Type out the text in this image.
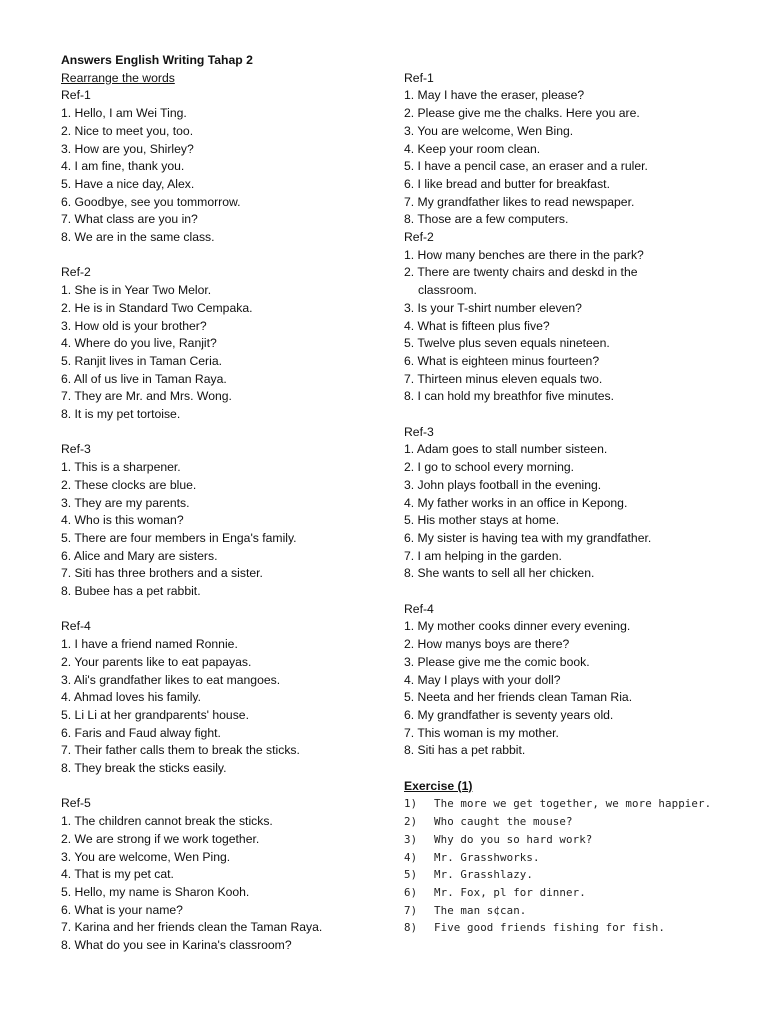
Answers English Writing Tahap 2
Rearrange the words
Ref-1
1. Hello, I am Wei Ting.
2. Nice to meet you, too.
3. How are you, Shirley?
4. I am fine, thank you.
5. Have a nice day, Alex.
6. Goodbye, see you tommorrow.
7. What class are you in?
8. We are in the same class.
Ref-2
1. She is in Year Two Melor.
2. He is in Standard Two Cempaka.
3. How old is your brother?
4. Where do you live, Ranjit?
5. Ranjit lives in Taman Ceria.
6. All of us live in Taman Raya.
7. They are Mr. and Mrs. Wong.
8. It is my pet tortoise.
Ref-3
1. This is a sharpener.
2. These clocks are blue.
3. They are my parents.
4. Who is this woman?
5. There are four members in Enga's family.
6. Alice and Mary are sisters.
7. Siti has three brothers and a sister.
8. Bubee has a pet rabbit.
Ref-4
1. I have a friend named Ronnie.
2. Your parents like to eat papayas.
3. Ali's grandfather likes to eat mangoes.
4. Ahmad loves his family.
5. Li Li at her grandparents' house.
6. Faris and Faud alway fight.
7. Their father calls them to break the sticks.
8. They break the sticks easily.
Ref-5
1. The children cannot break the sticks.
2. We are strong if we work together.
3. You are welcome, Wen Ping.
4. That is my pet cat.
5. Hello, my name is Sharon Kooh.
6. What is your name?
7. Karina and her friends clean the Taman Raya.
8. What do you see in Karina's classroom?
Ref-1
1. May I have the eraser, please?
2. Please give me the chalks. Here you are.
3. You are welcome, Wen Bing.
4. Keep your room clean.
5. I have a pencil case, an eraser and a ruler.
6. I like bread and butter for breakfast.
7. My grandfather likes to read newspaper.
8. Those are a few computers.
Ref-2
1. How many benches are there in the park?
2. There are twenty chairs and deskd in the
classroom.
3. Is your T-shirt number eleven?
4. What is fifteen plus five?
5. Twelve plus seven equals nineteen.
6. What is eighteen minus fourteen?
7. Thirteen minus eleven equals two.
8. I can hold my breathfor five minutes.
Ref-3
1. Adam goes to stall number sisteen.
2. I go to school every morning.
3. John plays football in the evening.
4. My father works in an office in Kepong.
5. His mother stays at home.
6. My sister is having tea with my grandfather.
7. I am helping in the garden.
8. She wants to sell all her chicken.
Ref-4
1. My mother cooks dinner every evening.
2. How manys boys are there?
3. Please give me the comic book.
4. May I plays with your doll?
5. Neeta and her friends clean Taman Ria.
6. My grandfather is seventy years old.
7. This woman is my mother.
8. Siti has a pet rabbit.
Exercise (1)
1)	The more we get together, we more happier.
2)	Who caught the mouse?
3)	Why do you so hard work?
4)	Mr. Grasshworks.
5)	Mr. Grasshlazy.
6)	Mr. Fox, pl for dinner.
7)	The man s¢can.
8)	Five good friends fishing for fish.
